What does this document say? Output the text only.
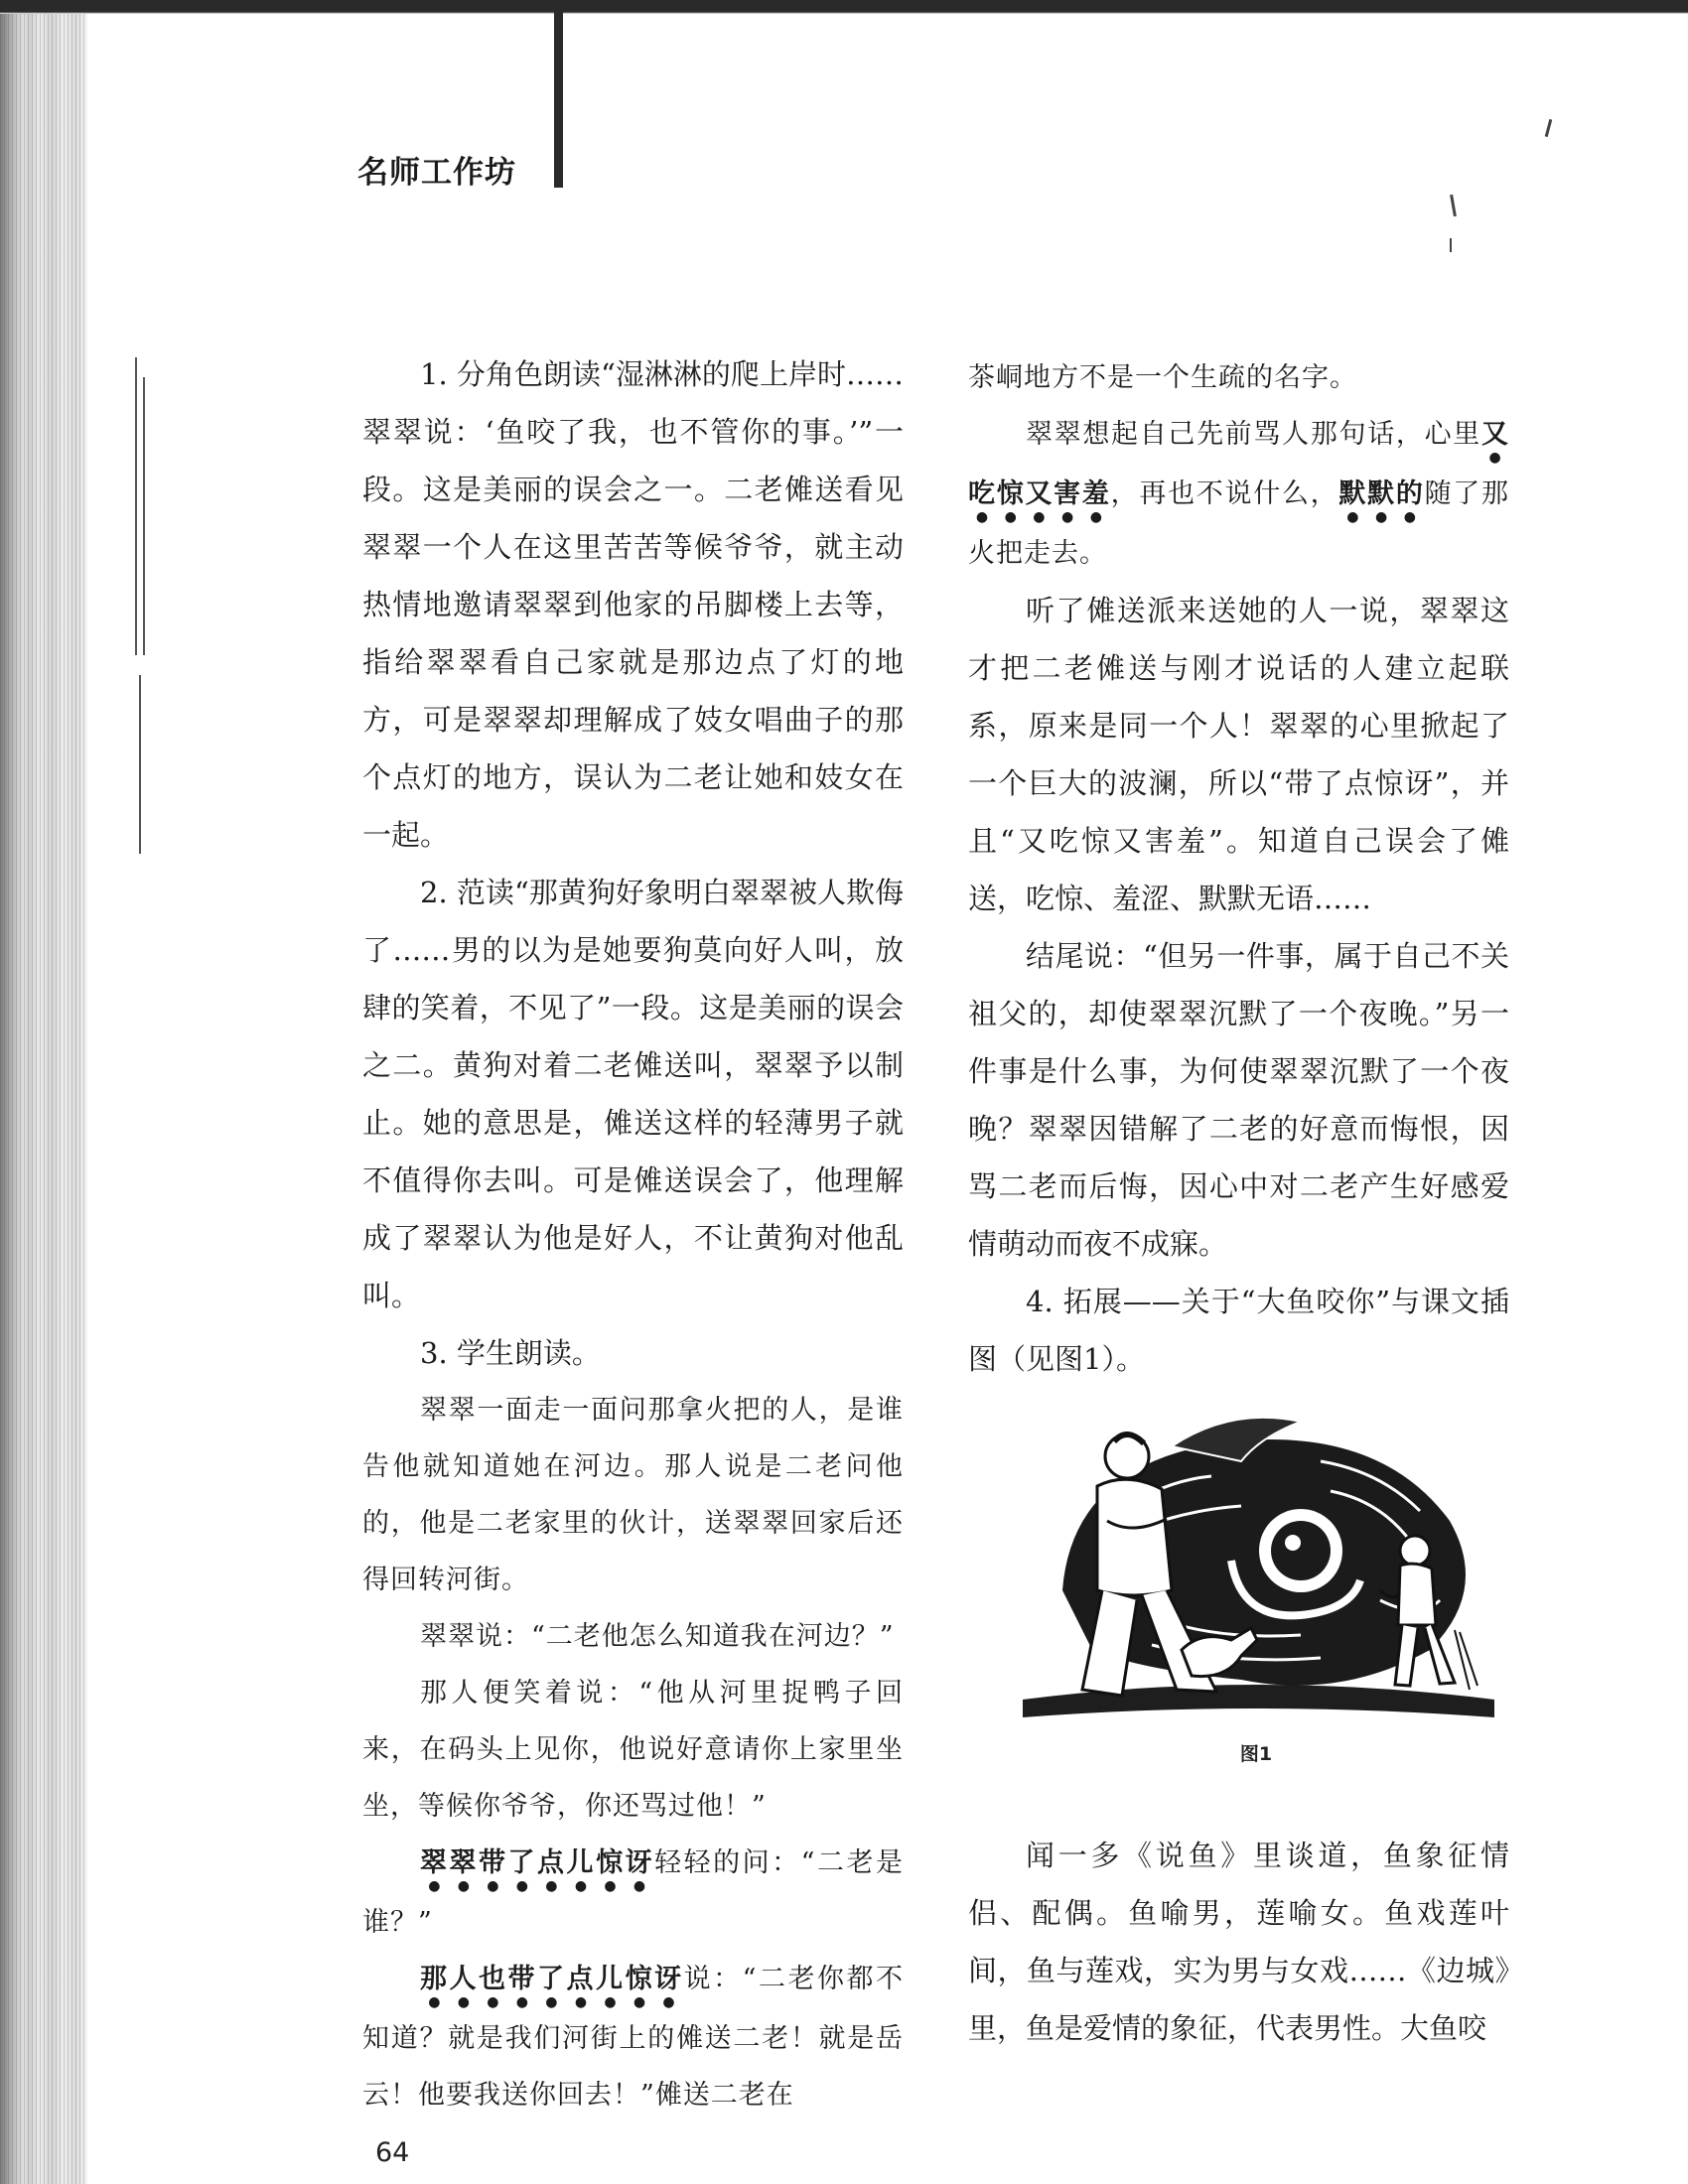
名师工作坊

1. 分角色朗读“湿淋淋的爬上岸时……翠翠说：‘鱼咬了我，也不管你的事。’”一段。这是美丽的误会之一。二老傩送看见翠翠一个人在这里苦苦等候爷爷，就主动热情地邀请翠翠到他家的吊脚楼上去等，指给翠翠看自己家就是那边点了灯的地方，可是翠翠却理解成了妓女唱曲子的那个点灯的地方，误认为二老让她和妓女在一起。

2. 范读“那黄狗好象明白翠翠被人欺侮了……男的以为是她要狗莫向好人叫，放肆的笑着，不见了”一段。这是美丽的误会之二。黄狗对着二老傩送叫，翠翠予以制止。她的意思是，傩送这样的轻薄男子就不值得你去叫。可是傩送误会了，他理解成了翠翠认为他是好人，不让黄狗对他乱叫。

3. 学生朗读。

翠翠一面走一面问那拿火把的人，是谁告他就知道她在河边。那人说是二老问他的，他是二老家里的伙计，送翠翠回家后还得回转河街。

翠翠说：“二老他怎么知道我在河边？”

那人便笑着说：“他从河里捉鸭子回来，在码头上见你，他说好意请你上家里坐坐，等候你爷爷，你还骂过他！”

翠翠带了点儿惊讶轻轻的问：“二老是谁？”

那人也带了点儿惊讶说：“二老你都不知道？就是我们河街上的傩送二老！就是岳云！他要我送你回去！”傩送二老在

茶峒地方不是一个生疏的名字。

翠翠想起自己先前骂人那句话，心里又吃惊又害羞，再也不说什么，默默的随了那火把走去。

听了傩送派来送她的人一说，翠翠这才把二老傩送与刚才说话的人建立起联系，原来是同一个人！翠翠的心里掀起了一个巨大的波澜，所以“带了点惊讶”，并且“又吃惊又害羞”。知道自己误会了傩送，吃惊、羞涩、默默无语……

结尾说：“但另一件事，属于自己不关祖父的，却使翠翠沉默了一个夜晚。”另一件事是什么事，为何使翠翠沉默了一个夜晚？翠翠因错解了二老的好意而悔恨，因骂二老而后悔，因心中对二老产生好感爱情萌动而夜不成寐。

4. 拓展——关于“大鱼咬你”与课文插图（见图1）。

图1

闻一多《说鱼》里谈道，鱼象征情侣、配偶。鱼喻男，莲喻女。鱼戏莲叶间，鱼与莲戏，实为男与女戏……《边城》里，鱼是爱情的象征，代表男性。大鱼咬

64
